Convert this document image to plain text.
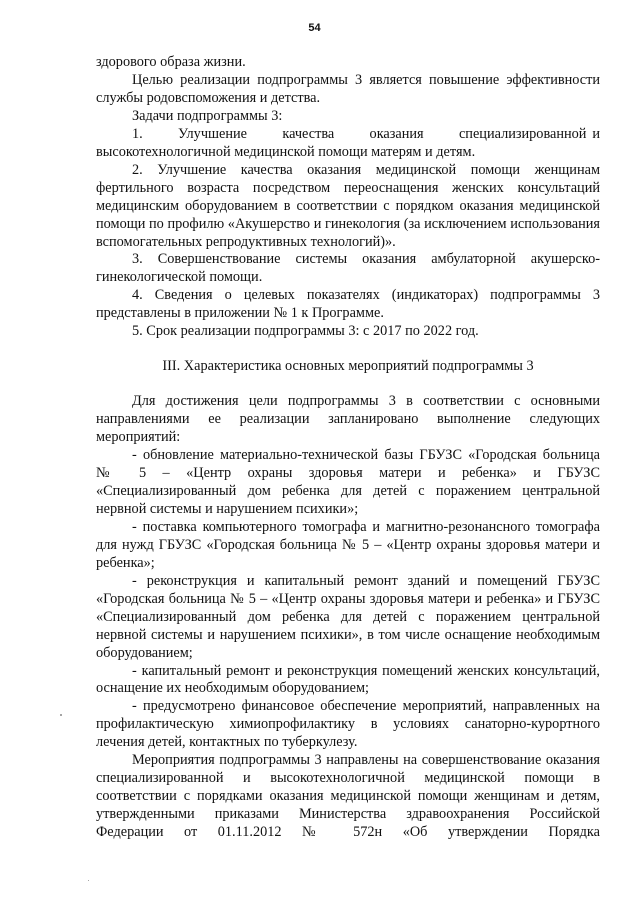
54

здорового образа жизни.

Целью реализации подпрограммы 3 является повышение эффективности службы родовспоможения и детства.

Задачи подпрограммы 3:

1.      Улучшение      качества      оказания      специализированной и высокотехнологичной медицинской помощи матерям и детям.

2. Улучшение качества оказания медицинской помощи женщинам фертильного возраста посредством переоснащения женских консультаций медицинским оборудованием в соответствии с порядком оказания медицинской помощи по профилю «Акушерство и гинекология (за исключением использования вспомогательных репродуктивных технологий)».

3. Совершенствование системы оказания амбулаторной акушерско-гинекологической помощи.

4. Сведения о целевых показателях (индикаторах) подпрограммы 3 представлены в приложении № 1 к Программе.

5. Срок реализации подпрограммы 3: с 2017 по 2022 год.

III. Характеристика основных мероприятий подпрограммы 3

Для достижения цели подпрограммы 3 в соответствии с основными направлениями ее реализации запланировано выполнение следующих мероприятий:

- обновление материально-технической базы ГБУЗС «Городская больница № 5 – «Центр охраны здоровья матери и ребенка» и ГБУЗС «Специализированный дом ребенка для детей с поражением центральной нервной системы и нарушением психики»;

- поставка компьютерного томографа и магнитно-резонансного томографа для нужд ГБУЗС «Городская больница № 5 – «Центр охраны здоровья матери и ребенка»;

- реконструкция и капитальный ремонт зданий и помещений ГБУЗС «Городская больница № 5 – «Центр охраны здоровья матери и ребенка» и ГБУЗС «Специализированный дом ребенка для детей с поражением центральной нервной системы и нарушением психики», в том числе оснащение необходимым оборудованием;

- капитальный ремонт и реконструкция помещений женских консультаций, оснащение их необходимым оборудованием;

- предусмотрено финансовое обеспечение мероприятий, направленных на профилактическую химиопрофилактику в условиях санаторно-курортного лечения детей, контактных по туберкулезу.

Мероприятия подпрограммы 3 направлены на совершенствование оказания специализированной и высокотехнологичной медицинской помощи в соответствии с порядками оказания медицинской помощи женщинам и детям, утвержденными приказами Министерства здравоохранения Российской Федерации от 01.11.2012 № 572н «Об утверждении Порядка
